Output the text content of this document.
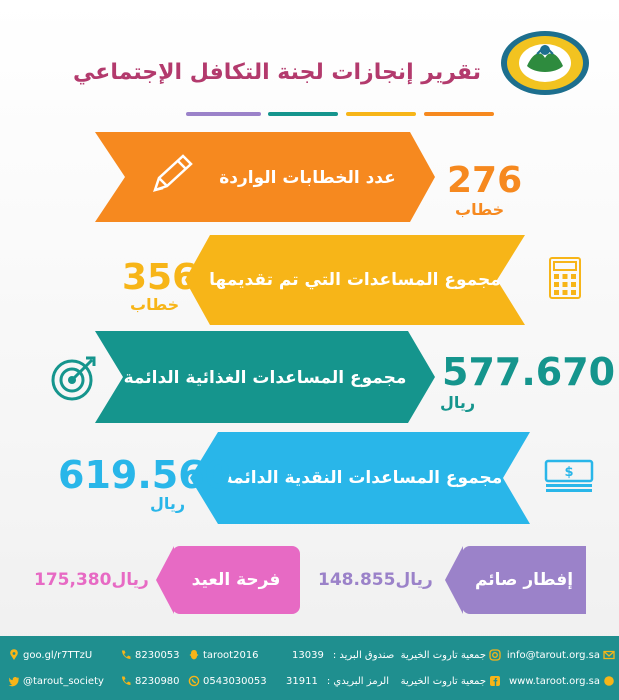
تقرير إنجازات لجنة التكافل الإجتماعي
عدد الخطابات الواردة	276
خطاب
مجموع المساعدات التي تم تقديمها
356
خطاب
مجموع المساعدات الغذائية الدائمة 577.670
ريال
$
مجموع المساعدات النقدية الدائمة
619.560
ريال
إفطار صائم
148.855ريال
فرحة العيد
175,380ريال
info@tarout.org.sa
جمعية تاروت الخيرية
13039 صندوق البريد :
taroot2016
8230053
goo.gl/r7TTzU
www.taroot.org.sa
جمعية تاروت الخيرية
31911 الرمز البريدي :
0543030053
8230980
@tarout_society
